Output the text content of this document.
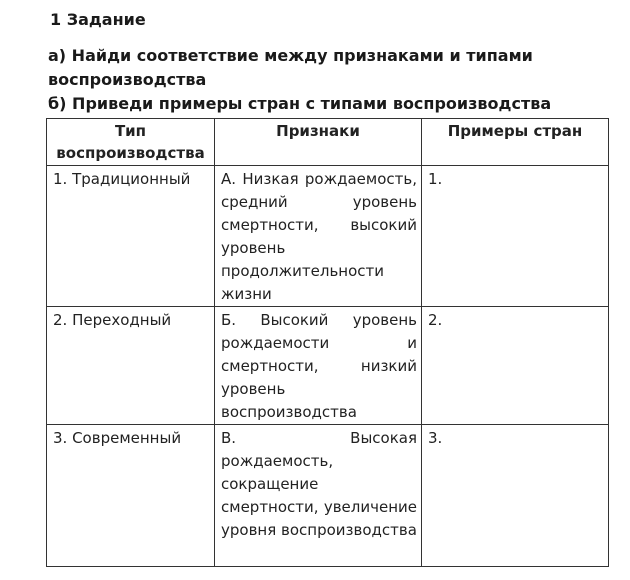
1 Задание
а) Найди соответствие между признаками и типами
воспроизводства
б) Приведи примеры стран с типами воспроизводства
Тип воспроизводства	Признаки	Примеры стран
1. Традиционный	А. Низкая рождаемость, средний уровень смертности, высокий уровень продолжительности жизни	1.
2. Переходный	Б. Высокий уровень рождаемости и смертности, низкий уровень воспроизводства	2.
3. Современный	В. Высокая рождаемость, сокращение смертности, увеличение уровня воспроизводства	3.
